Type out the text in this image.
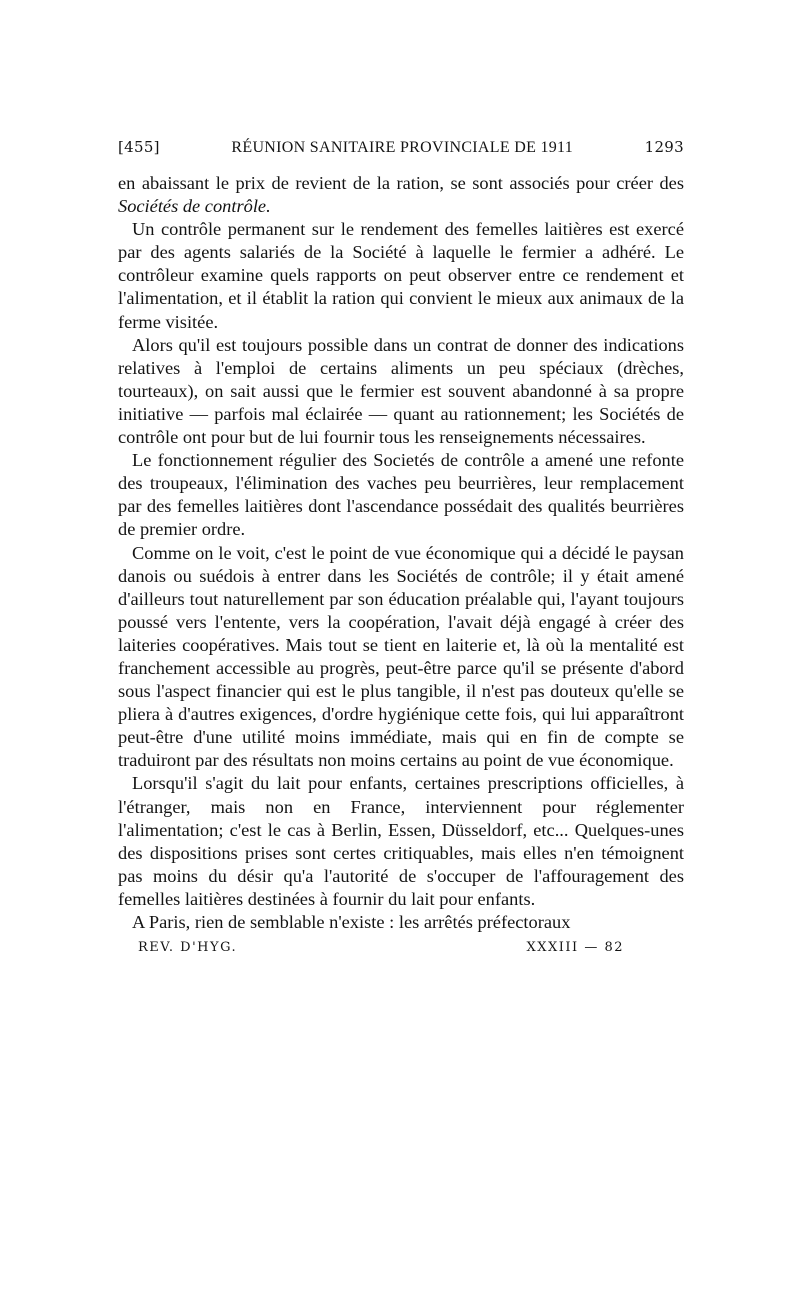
[455]	RÉUNION SANITAIRE PROVINCIALE DE 1911	1293

en abaissant le prix de revient de la ration, se sont associés pour créer des Sociétés de contrôle.

Un contrôle permanent sur le rendement des femelles laitières est exercé par des agents salariés de la Société à laquelle le fermier a adhéré. Le contrôleur examine quels rapports on peut observer entre ce rendement et l'alimentation, et il établit la ration qui convient le mieux aux animaux de la ferme visitée.

Alors qu'il est toujours possible dans un contrat de donner des indications relatives à l'emploi de certains aliments un peu spéciaux (drèches, tourteaux), on sait aussi que le fermier est souvent abandonné à sa propre initiative — parfois mal éclairée — quant au rationnement; les Sociétés de contrôle ont pour but de lui fournir tous les renseignements nécessaires.

Le fonctionnement régulier des Societés de contrôle a amené une refonte des troupeaux, l'élimination des vaches peu beurrières, leur remplacement par des femelles laitières dont l'ascendance possédait des qualités beurrières de premier ordre.

Comme on le voit, c'est le point de vue économique qui a décidé le paysan danois ou suédois à entrer dans les Sociétés de contrôle; il y était amené d'ailleurs tout naturellement par son éducation préalable qui, l'ayant toujours poussé vers l'entente, vers la coopération, l'avait déjà engagé à créer des laiteries coopératives. Mais tout se tient en laiterie et, là où la mentalité est franchement accessible au progrès, peut-être parce qu'il se présente d'abord sous l'aspect financier qui est le plus tangible, il n'est pas douteux qu'elle se pliera à d'autres exigences, d'ordre hygiénique cette fois, qui lui apparaîtront peut-être d'une utilité moins immédiate, mais qui en fin de compte se traduiront par des résultats non moins certains au point de vue économique.

Lorsqu'il s'agit du lait pour enfants, certaines prescriptions officielles, à l'étranger, mais non en France, interviennent pour réglementer l'alimentation; c'est le cas à Berlin, Essen, Düsseldorf, etc... Quelques-unes des dispositions prises sont certes critiquables, mais elles n'en témoignent pas moins du désir qu'a l'autorité de s'occuper de l'affouragement des femelles laitières destinées à fournir du lait pour enfants.

A Paris, rien de semblable n'existe : les arrêtés préfectoraux

REV. D'HYG.	XXXIII — 82
